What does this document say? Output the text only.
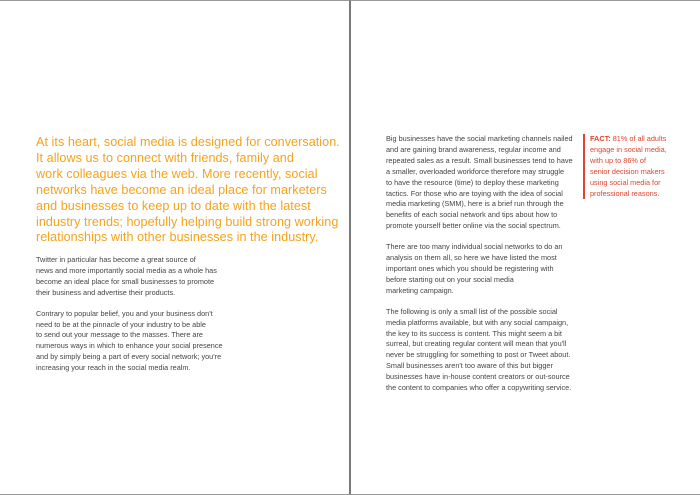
At its heart, social media is designed for conversation.
It allows us to connect with friends, family and
work colleagues via the web. More recently, social
networks have become an ideal place for marketers
and businesses to keep up to date with the latest
industry trends; hopefully helping build strong working
relationships with other businesses in the industry.

Twitter in particular has become a great source of
news and more importantly social media as a whole has
become an ideal place for small businesses to promote
their business and advertise their products.

Contrary to popular belief, you and your business don't
need to be at the pinnacle of your industry to be able
to send out your message to the masses. There are
numerous ways in which to enhance your social presence
and by simply being a part of every social network; you're
increasing your reach in the social media realm.

Big businesses have the social marketing channels nailed
and are gaining brand awareness, regular income and
repeated sales as a result. Small businesses tend to have
a smaller, overloaded workforce therefore may struggle
to have the resource (time) to deploy these marketing
tactics. For those who are toying with the idea of social
media marketing (SMM), here is a brief run through the
benefits of each social network and tips about how to
promote yourself better online via the social spectrum.

There are too many individual social networks to do an
analysis on them all, so here we have listed the most
important ones which you should be registering with
before starting out on your social media
marketing campaign.

The following is only a small list of the possible social
media platforms available, but with any social campaign,
the key to its success is content. This might seem a bit
surreal, but creating regular content will mean that you'll
never be struggling for something to post or Tweet about.
Small businesses aren't too aware of this but bigger
businesses have in-house content creators or out-source
the content to companies who offer a copywriting service.

FACT: 81% of all adults
engage in social media,
with up to 86% of
senior decision makers
using social media for
professional reasons.
